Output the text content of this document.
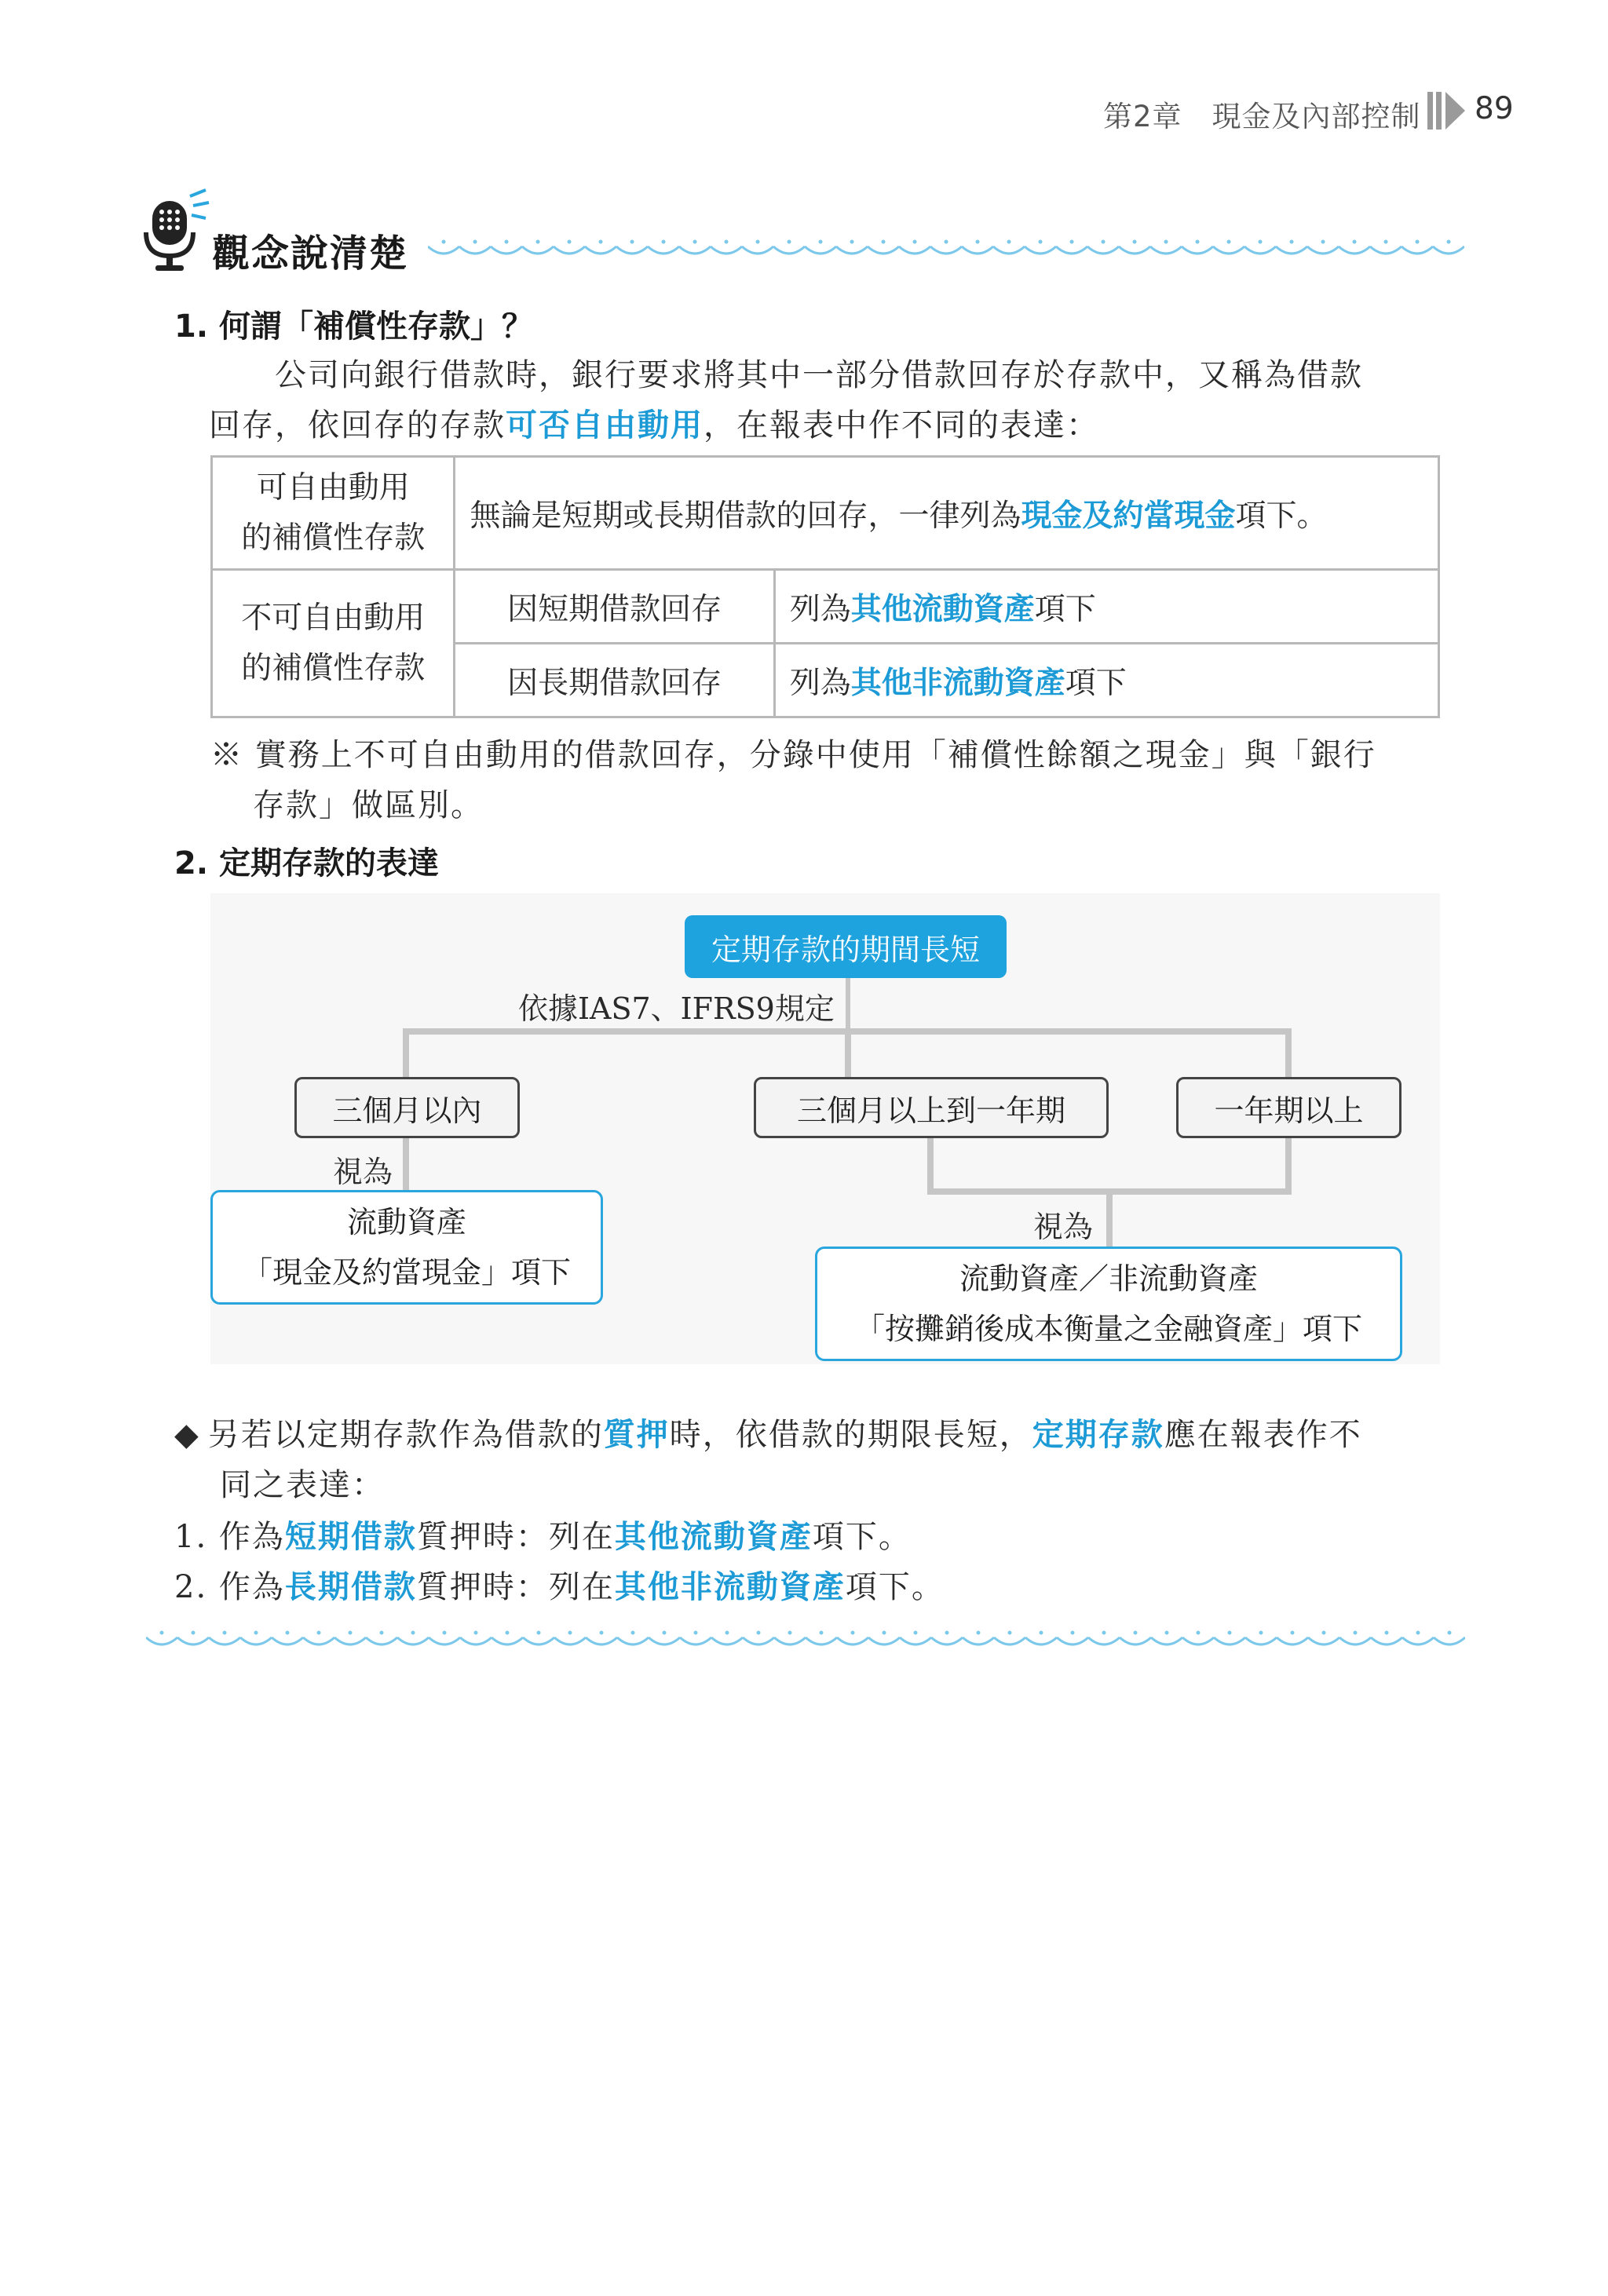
第2章　現金及內部控制 89
觀念說清楚
1. 何謂「補償性存款」？
公司向銀行借款時，銀行要求將其中一部分借款回存於存款中，又稱為借款
回存，依回存的存款可否自由動用，在報表中作不同的表達：
可自由動用
的補償性存款	無論是短期或長期借款的回存，一律列為現金及約當現金項下。	

不可自由動用
的補償性存款	因短期借款回存	列為其他流動資產項下
	因長期借款回存	列為其他非流動資產項下
※ 實務上不可自由動用的借款回存，分錄中使用「補償性餘額之現金」與「銀行
存款」做區別。
2. 定期存款的表達
定期存款的期間長短
依據IAS7、IFRS9規定
三個月以內	三個月以上到一年期	一年期以上
視為
視為
流動資產
「現金及約當現金」項下	流動資產／非流動資產
「按攤銷後成本衡量之金融資產」項下
◆ 另若以定期存款作為借款的質押時，依借款的期限長短，定期存款應在報表作不
同之表達：
1. 作為短期借款質押時：列在其他流動資產項下。
2. 作為長期借款質押時：列在其他非流動資產項下。
